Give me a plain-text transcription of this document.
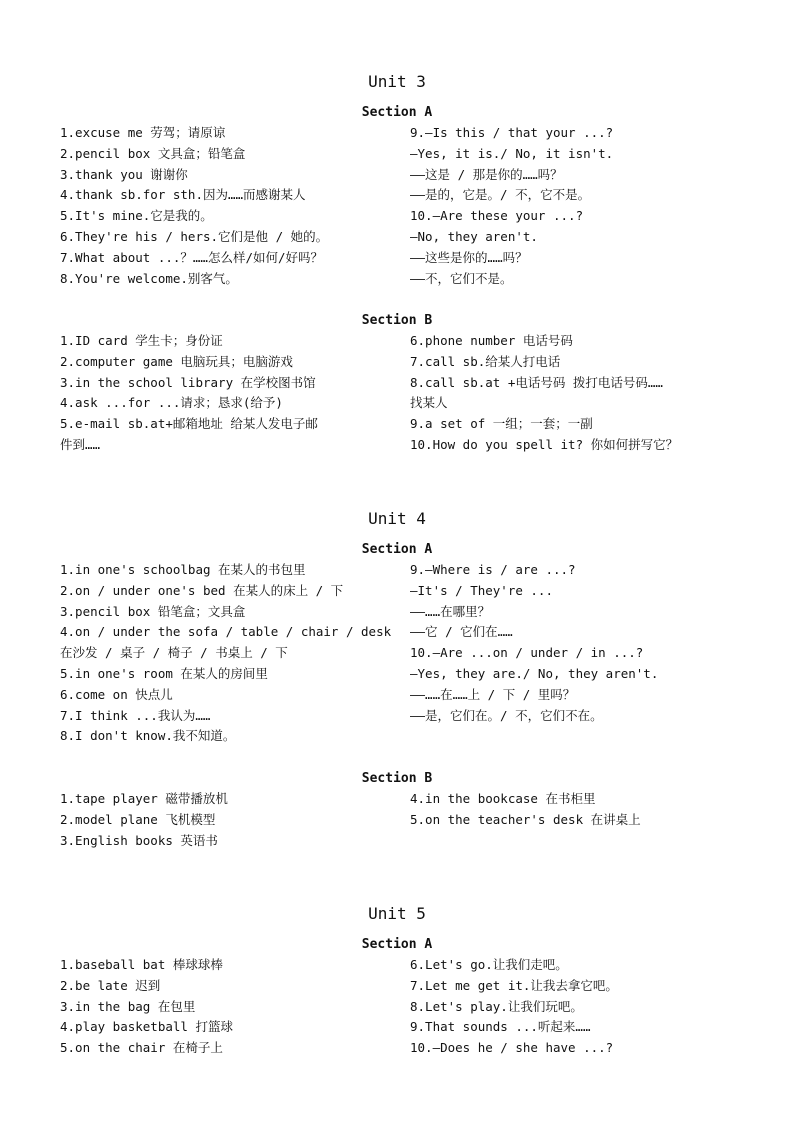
Unit 3
Section A
1.excuse me 劳驾；请原谅
2.pencil box 文具盒；铅笔盒
3.thank you 谢谢你
4.thank sb.for sth.因为……而感谢某人
5.It's mine.它是我的。
6.They're his / hers.它们是他 / 她的。
7.What about ...？……怎么样/如何/好吗？
8.You're welcome.别客气。
9.—Is this / that your ...?
—Yes, it is./ No, it isn't.
——这是 / 那是你的……吗？
——是的，它是。/ 不，它不是。
10.—Are these your ...?
—No, they aren't.
——这些是你的……吗？
——不，它们不是。
Section B
1.ID card 学生卡；身份证
2.computer game 电脑玩具；电脑游戏
3.in the school library 在学校图书馆
4.ask ...for ...请求；恳求(给予)
5.e-mail sb.at+邮箱地址 给某人发电子邮
件到……
6.phone number 电话号码
7.call sb.给某人打电话
8.call sb.at +电话号码 拨打电话号码……
找某人
9.a set of 一组；一套；一副
10.How do you spell it? 你如何拼写它？
Unit 4
Section A
1.in one's schoolbag 在某人的书包里
2.on / under one's bed 在某人的床上 / 下
3.pencil box 铅笔盒；文具盒
4.on / under the sofa / table / chair / desk
在沙发 / 桌子 / 椅子 / 书桌上 / 下
5.in one's room 在某人的房间里
6.come on 快点儿
7.I think ...我认为……
8.I don't know.我不知道。
9.—Where is / are ...?
—It's / They're ...
——……在哪里？
——它 / 它们在……
10.—Are ...on / under / in ...?
—Yes, they are./ No, they aren't.
——……在……上 / 下 / 里吗？
——是，它们在。/ 不，它们不在。
Section B
1.tape player 磁带播放机
2.model plane 飞机模型
3.English books 英语书
4.in the bookcase 在书柜里
5.on the teacher's desk 在讲桌上
Unit 5
Section A
1.baseball bat 棒球球棒
2.be late 迟到
3.in the bag 在包里
4.play basketball 打篮球
5.on the chair 在椅子上
6.Let's go.让我们走吧。
7.Let me get it.让我去拿它吧。
8.Let's play.让我们玩吧。
9.That sounds ...听起来……
10.—Does he / she have ...?
